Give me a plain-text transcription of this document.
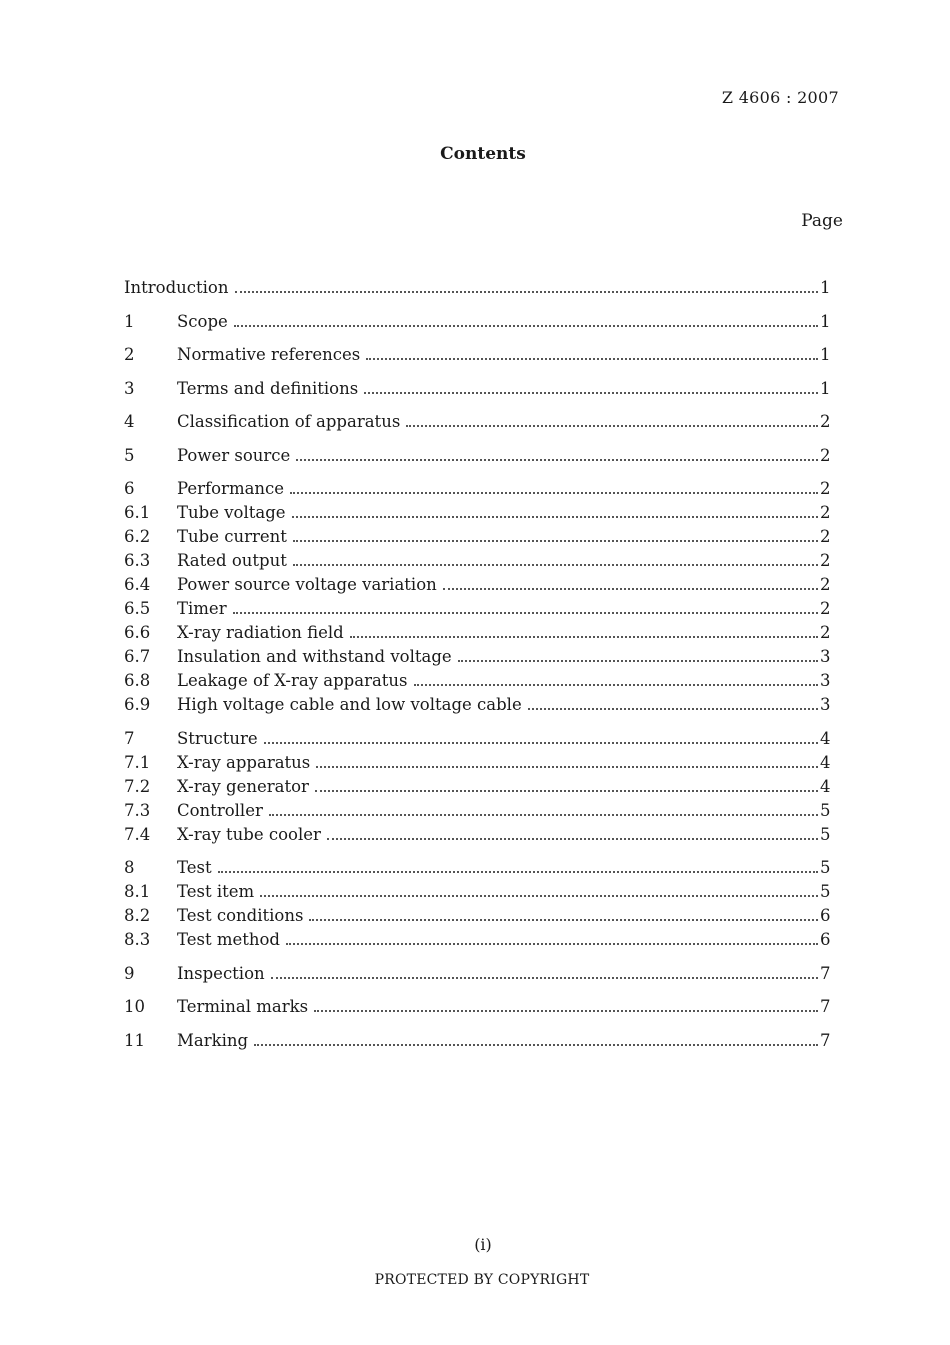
Z 4606 : 2007
Contents
Page
Introduction	1
1	Scope	1
2	Normative references	1
3	Terms and definitions	1
4	Classification of apparatus	2
5	Power source	2
6	Performance	2
6.1	Tube voltage	2
6.2	Tube current	2
6.3	Rated output	2
6.4	Power source voltage variation	2
6.5	Timer	2
6.6	X-ray radiation field	2
6.7	Insulation and withstand voltage	3
6.8	Leakage of X-ray apparatus	3
6.9	High voltage cable and low voltage cable	3
7	Structure	4
7.1	X-ray apparatus	4
7.2	X-ray generator	4
7.3	Controller	5
7.4	X-ray tube cooler	5
8	Test	5
8.1	Test item	5
8.2	Test conditions	6
8.3	Test method	6
9	Inspection	7
10	Terminal marks	7
11	Marking	7
(i)
PROTECTED BY COPYRIGHT
